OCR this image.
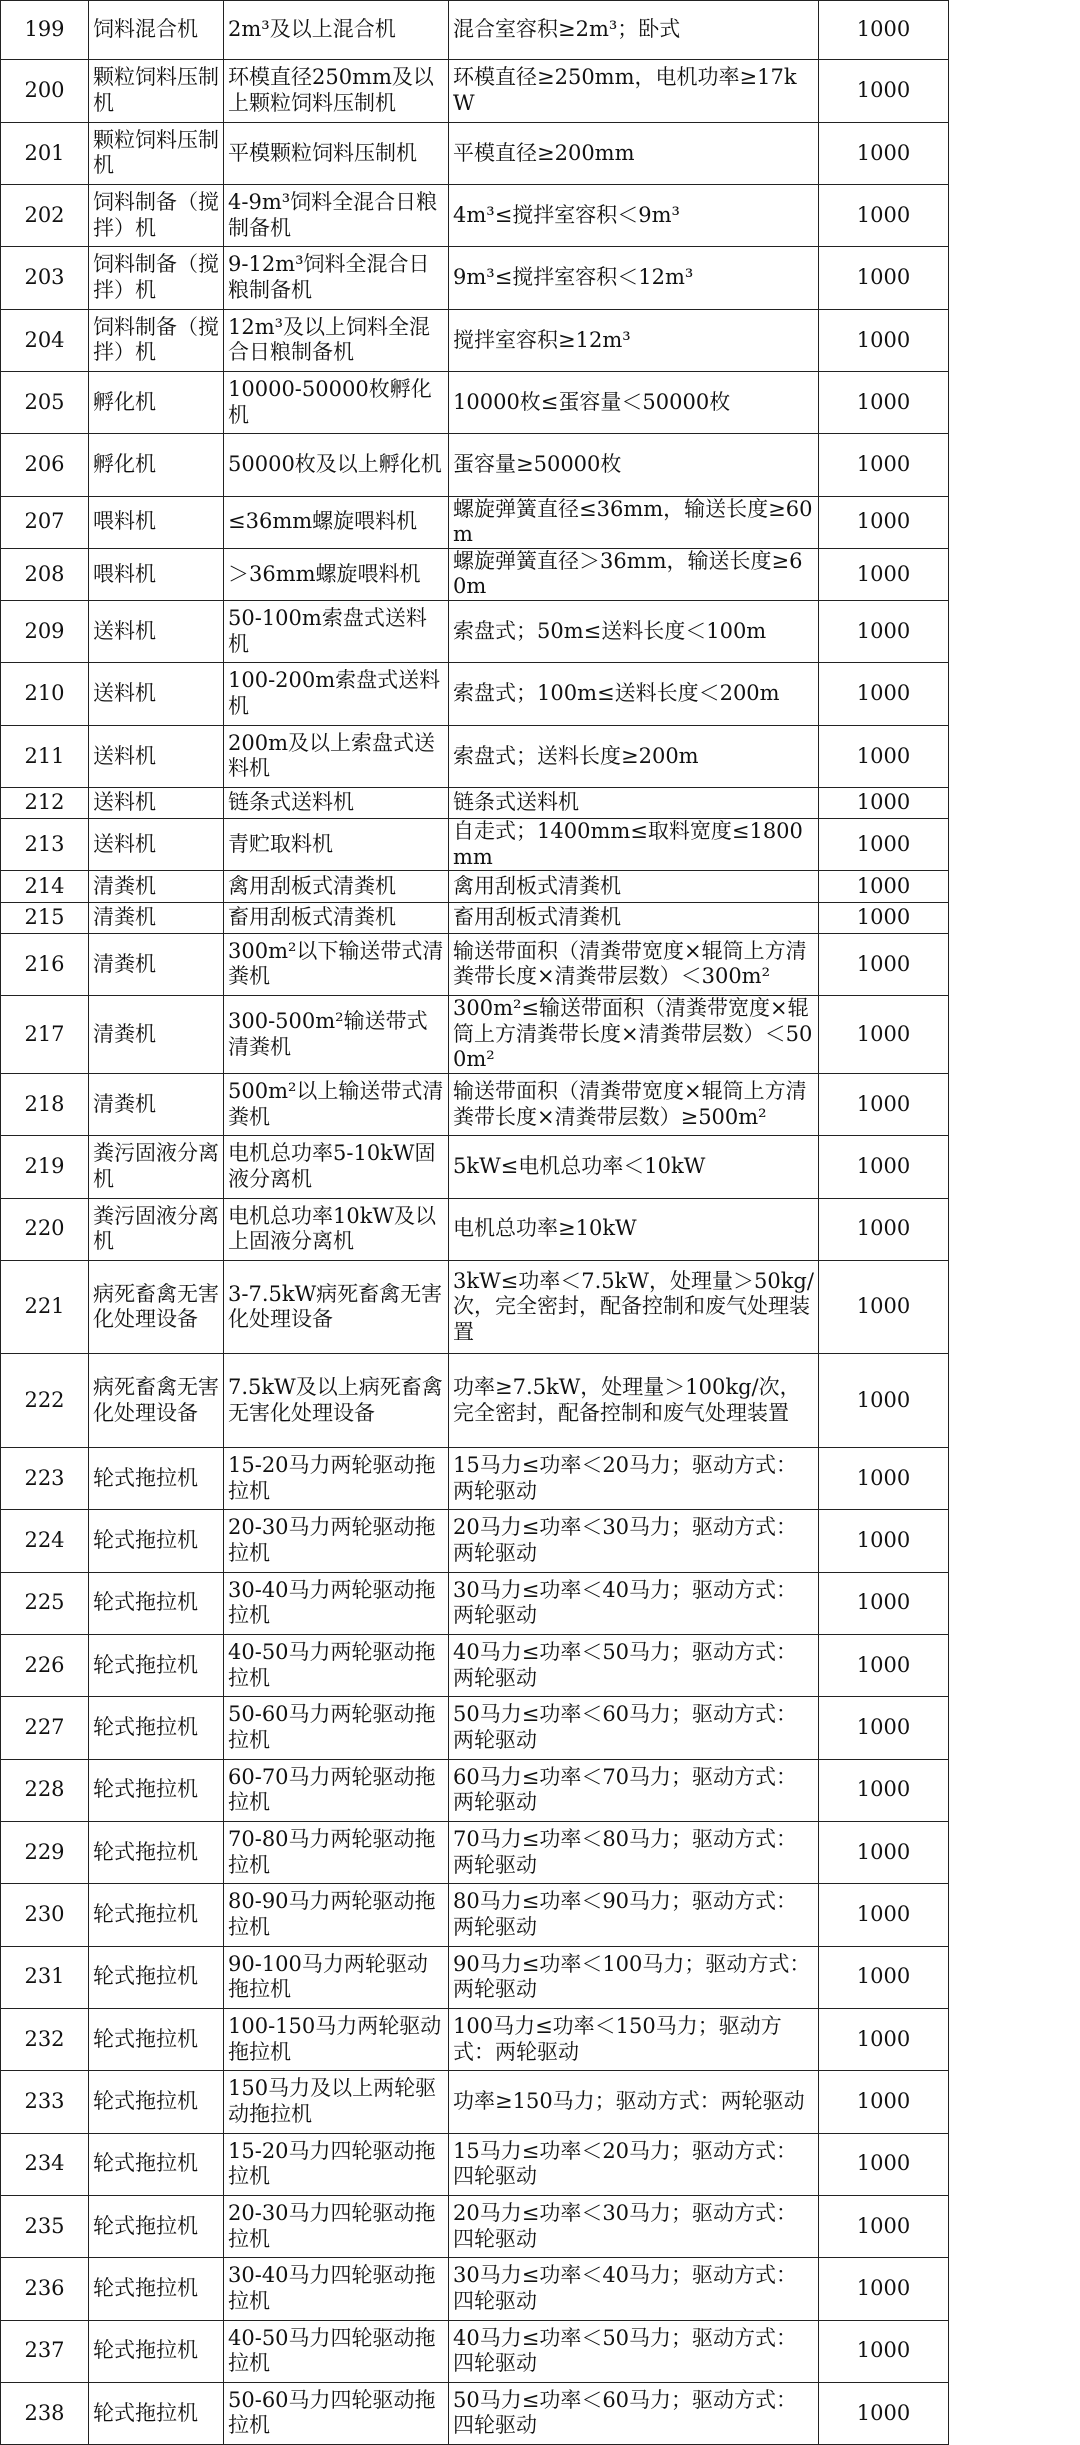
199	饲料混合机	2m³及以上混合机	混合室容积≥2m³；卧式	1000
200	颗粒饲料压制机	环模直径250mm及以上颗粒饲料压制机	环模直径≥250mm，电机功率≥17kW	1000
201	颗粒饲料压制机	平模颗粒饲料压制机	平模直径≥200mm	1000
202	饲料制备（搅拌）机	4-9m³饲料全混合日粮制备机	4m³≤搅拌室容积＜9m³	1000
203	饲料制备（搅拌）机	9-12m³饲料全混合日粮制备机	9m³≤搅拌室容积＜12m³	1000
204	饲料制备（搅拌）机	12m³及以上饲料全混合日粮制备机	搅拌室容积≥12m³	1000
205	孵化机	10000-50000枚孵化机	10000枚≤蛋容量＜50000枚	1000
206	孵化机	50000枚及以上孵化机	蛋容量≥50000枚	1000
207	喂料机	≤36mm螺旋喂料机	螺旋弹簧直径≤36mm，输送长度≥60m	1000
208	喂料机	＞36mm螺旋喂料机	螺旋弹簧直径＞36mm，输送长度≥60m	1000
209	送料机	50-100m索盘式送料机	索盘式；50m≤送料长度＜100m	1000
210	送料机	100-200m索盘式送料机	索盘式；100m≤送料长度＜200m	1000
211	送料机	200m及以上索盘式送料机	索盘式；送料长度≥200m	1000
212	送料机	链条式送料机	链条式送料机	1000
213	送料机	青贮取料机	自走式；1400mm≤取料宽度≤1800mm	1000
214	清粪机	禽用刮板式清粪机	禽用刮板式清粪机	1000
215	清粪机	畜用刮板式清粪机	畜用刮板式清粪机	1000
216	清粪机	300m²以下输送带式清粪机	输送带面积（清粪带宽度×辊筒上方清粪带长度×清粪带层数）＜300m²	1000
217	清粪机	300-500m²输送带式清粪机	300m²≤输送带面积（清粪带宽度×辊筒上方清粪带长度×清粪带层数）＜500m²	1000
218	清粪机	500m²以上输送带式清粪机	输送带面积（清粪带宽度×辊筒上方清粪带长度×清粪带层数）≥500m²	1000
219	粪污固液分离机	电机总功率5-10kW固液分离机	5kW≤电机总功率＜10kW	1000
220	粪污固液分离机	电机总功率10kW及以上固液分离机	电机总功率≥10kW	1000
221	病死畜禽无害化处理设备	3-7.5kW病死畜禽无害化处理设备	3kW≤功率＜7.5kW，处理量＞50kg/次，完全密封，配备控制和废气处理装置	1000
222	病死畜禽无害化处理设备	7.5kW及以上病死畜禽无害化处理设备	功率≥7.5kW，处理量＞100kg/次，完全密封，配备控制和废气处理装置	1000
223	轮式拖拉机	15-20马力两轮驱动拖拉机	15马力≤功率＜20马力；驱动方式：两轮驱动	1000
224	轮式拖拉机	20-30马力两轮驱动拖拉机	20马力≤功率＜30马力；驱动方式：两轮驱动	1000
225	轮式拖拉机	30-40马力两轮驱动拖拉机	30马力≤功率＜40马力；驱动方式：两轮驱动	1000
226	轮式拖拉机	40-50马力两轮驱动拖拉机	40马力≤功率＜50马力；驱动方式：两轮驱动	1000
227	轮式拖拉机	50-60马力两轮驱动拖拉机	50马力≤功率＜60马力；驱动方式：两轮驱动	1000
228	轮式拖拉机	60-70马力两轮驱动拖拉机	60马力≤功率＜70马力；驱动方式：两轮驱动	1000
229	轮式拖拉机	70-80马力两轮驱动拖拉机	70马力≤功率＜80马力；驱动方式：两轮驱动	1000
230	轮式拖拉机	80-90马力两轮驱动拖拉机	80马力≤功率＜90马力；驱动方式：两轮驱动	1000
231	轮式拖拉机	90-100马力两轮驱动拖拉机	90马力≤功率＜100马力；驱动方式：两轮驱动	1000
232	轮式拖拉机	100-150马力两轮驱动拖拉机	100马力≤功率＜150马力；驱动方式：两轮驱动	1000
233	轮式拖拉机	150马力及以上两轮驱动拖拉机	功率≥150马力；驱动方式：两轮驱动	1000
234	轮式拖拉机	15-20马力四轮驱动拖拉机	15马力≤功率＜20马力；驱动方式：四轮驱动	1000
235	轮式拖拉机	20-30马力四轮驱动拖拉机	20马力≤功率＜30马力；驱动方式：四轮驱动	1000
236	轮式拖拉机	30-40马力四轮驱动拖拉机	30马力≤功率＜40马力；驱动方式：四轮驱动	1000
237	轮式拖拉机	40-50马力四轮驱动拖拉机	40马力≤功率＜50马力；驱动方式：四轮驱动	1000
238	轮式拖拉机	50-60马力四轮驱动拖拉机	50马力≤功率＜60马力；驱动方式：四轮驱动	1000
